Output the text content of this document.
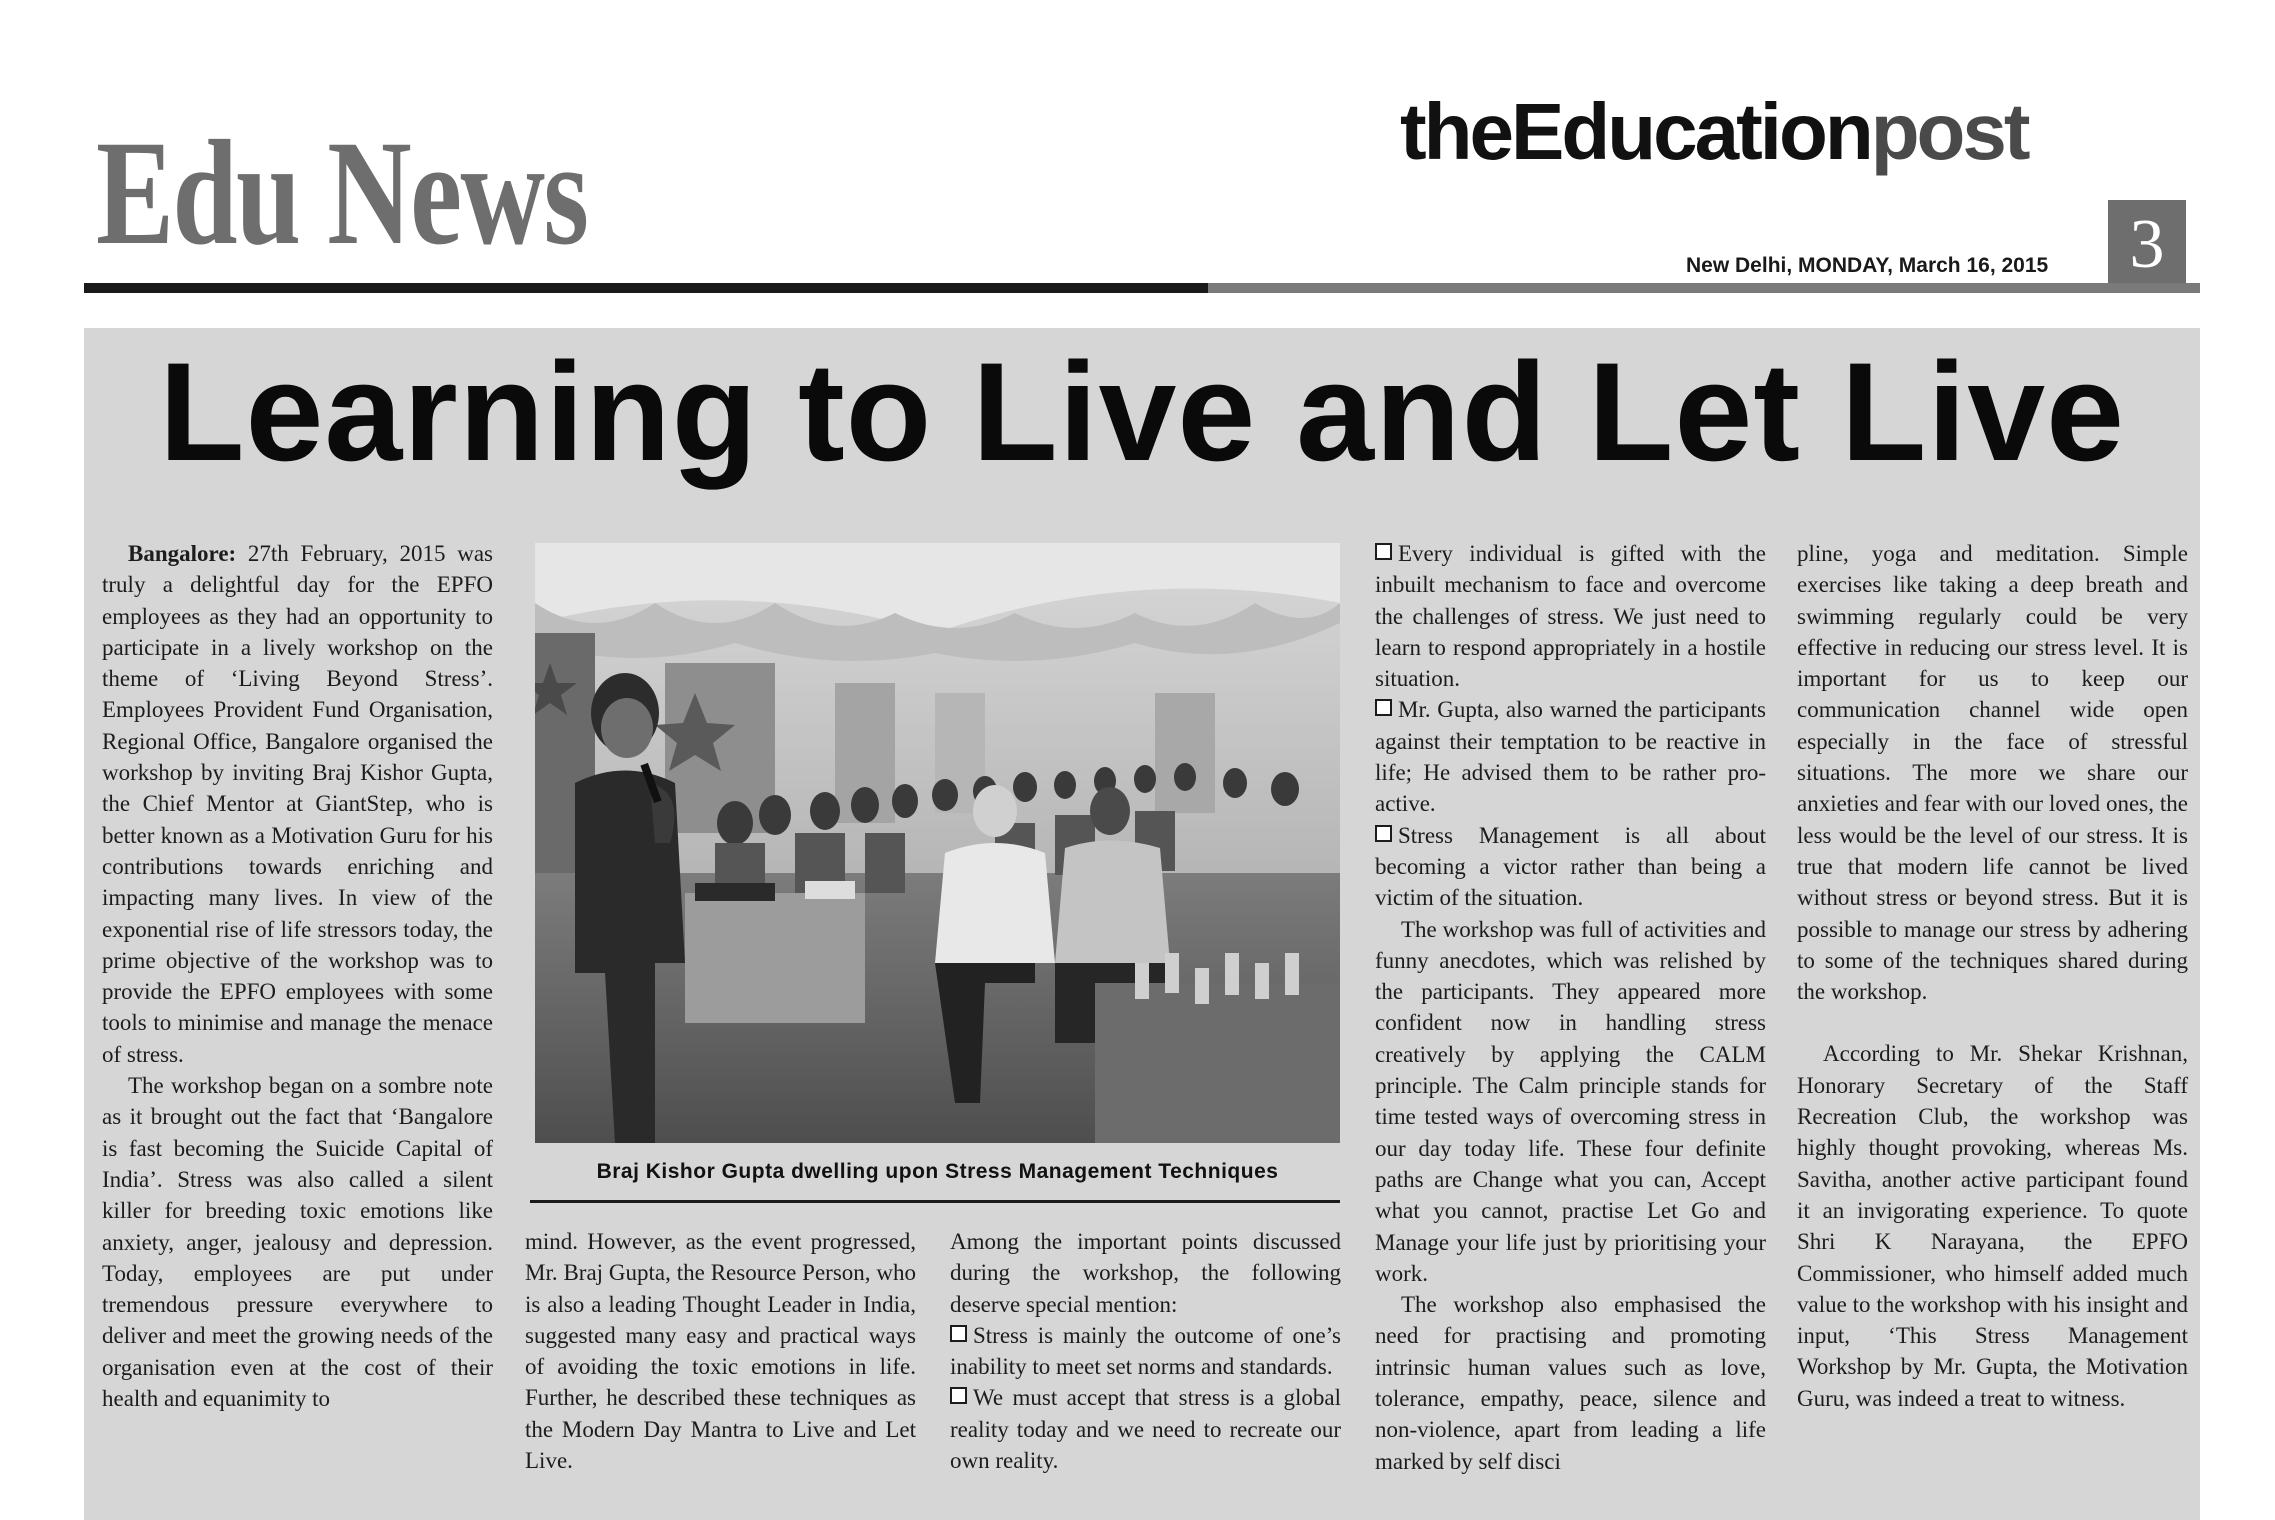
Edu News	theEducationpost
New Delhi, MONDAY, March 16, 2015	3
Learning to Live and Let Live

Bangalore: 27th February, 2015 was truly a delightful day for the EPFO employees as they had an opportunity to participate in a lively workshop on the theme of ‘Living Beyond Stress’. Employees Provident Fund Organisation, Regional Office, Bangalore organised the workshop by inviting Braj Kishor Gupta, the Chief Mentor at GiantStep, who is better known as a Motivation Guru for his contributions towards enriching and impacting many lives. In view of the exponential rise of life stressors today, the prime objective of the workshop was to provide the EPFO employees with some tools to minimise and manage the menace of stress.

The workshop began on a sombre note as it brought out the fact that ‘Bangalore is fast becoming the Suicide Capital of India’. Stress was also called a silent killer for breeding toxic emotions like anxiety, anger, jealousy and depression. Today, employees are put under tremendous pressure everywhere to deliver and meet the growing needs of the organisation even at the cost of their health and equanimity to

Braj Kishor Gupta dwelling upon Stress Management Techniques

mind. However, as the event progressed, Mr. Braj Gupta, the Resource Person, who is also a leading Thought Leader in India, suggested many easy and practical ways of avoiding the toxic emotions in life. Further, he described these techniques as the Modern Day Mantra to Live and Let Live.

Among the important points discussed during the workshop, the following deserve special mention:

Stress is mainly the outcome of one’s inability to meet set norms and standards.

We must accept that stress is a global reality today and we need to recreate our own reality.

Every individual is gifted with the inbuilt mechanism to face and overcome the challenges of stress. We just need to learn to respond appropriately in a hostile situation.

Mr. Gupta, also warned the participants against their temptation to be reactive in life; He advised them to be rather pro-active.

Stress Management is all about becoming a victor rather than being a victim of the situation.

The workshop was full of activities and funny anecdotes, which was relished by the participants. They appeared more confident now in handling stress creatively by applying the CALM principle. The Calm principle stands for time tested ways of overcoming stress in our day today life. These four definite paths are Change what you can, Accept what you cannot, practise Let Go and Manage your life just by prioritising your work.

The workshop also emphasised the need for practising and promoting intrinsic human values such as love, tolerance, empathy, peace, silence and non-violence, apart from leading a life marked by self disci

pline, yoga and meditation. Simple exercises like taking a deep breath and swimming regularly could be very effective in reducing our stress level. It is important for us to keep our communication channel wide open especially in the face of stressful situations. The more we share our anxieties and fear with our loved ones, the less would be the level of our stress. It is true that modern life cannot be lived without stress or beyond stress. But it is possible to manage our stress by adhering to some of the techniques shared during the workshop.

According to Mr. Shekar Krishnan, Honorary Secretary of the Staff Recreation Club, the workshop was highly thought provoking, whereas Ms. Savitha, another active participant found it an invigorating experience. To quote Shri K Narayana, the EPFO Commissioner, who himself added much value to the workshop with his insight and input, ‘This Stress Management Workshop by Mr. Gupta, the Motivation Guru, was indeed a treat to witness.
